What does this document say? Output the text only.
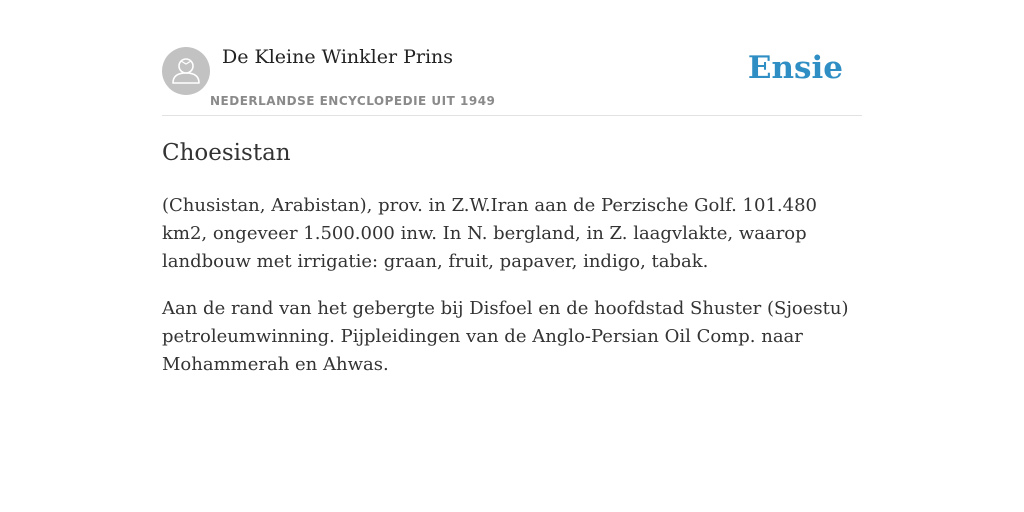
De Kleine Winkler Prins
NEDERLANDSE ENCYCLOPEDIE UIT 1949
Ensie
Choesistan

(Chusistan, Arabistan), prov. in Z.W.Iran aan de Perzische Golf. 101.480 km2, ongeveer 1.500.000 inw. In N. bergland, in Z. laagvlakte, waarop landbouw met irrigatie: graan, fruit, papaver, indigo, tabak.

Aan de rand van het gebergte bij Disfoel en de hoofdstad Shuster (Sjoestu) petroleumwinning. Pijpleidingen van de Anglo-Persian Oil Comp. naar Mohammerah en Ahwas.
